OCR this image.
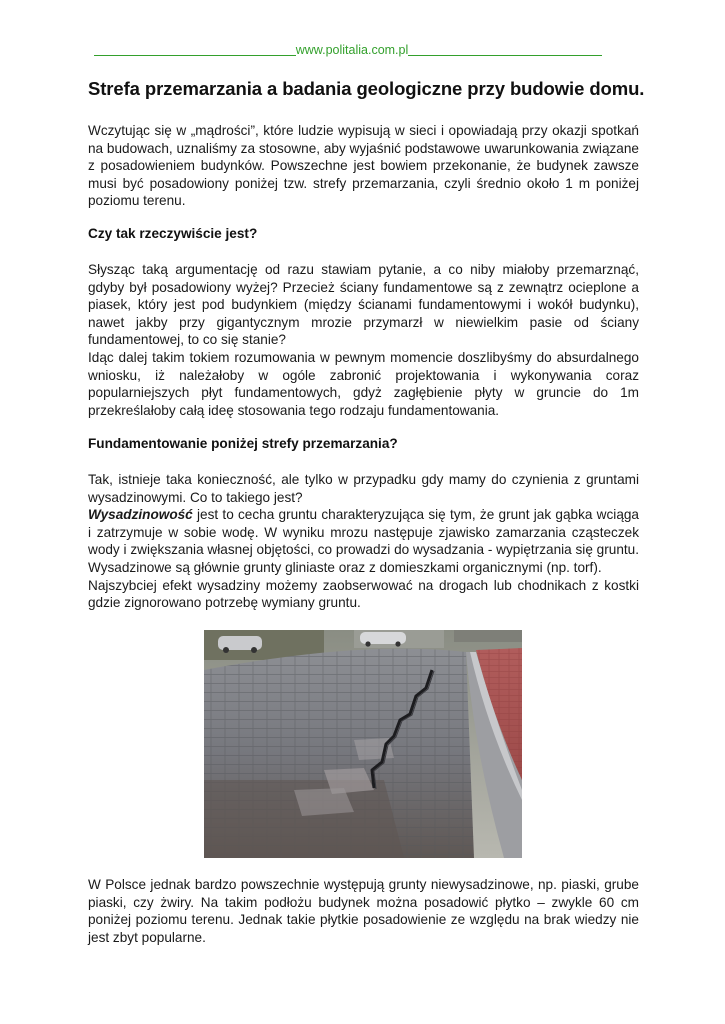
www.politalia.com.pl
Strefa przemarzania a badania geologiczne przy budowie domu.

Wczytując się w „mądrości”, które ludzie wypisują w sieci i opowiadają przy okazji spotkań na budowach, uznaliśmy za stosowne, aby wyjaśnić podstawowe uwarunkowania związane z posadowieniem budynków. Powszechne jest bowiem przekonanie, że budynek zawsze musi być posadowiony poniżej tzw. strefy przemarzania, czyli średnio około 1 m poniżej poziomu terenu.

Czy tak rzeczywiście jest?

Słysząc taką argumentację od razu stawiam pytanie, a co niby miałoby przemarznąć, gdyby był posadowiony wyżej? Przecież ściany fundamentowe są z zewnątrz ocieplone a piasek, który jest pod budynkiem (między ścianami fundamentowymi i wokół budynku), nawet jakby przy gigantycznym mrozie przymarzł w niewielkim pasie od ściany fundamentowej, to co się stanie?

Idąc dalej takim tokiem rozumowania w pewnym momencie doszlibyśmy do absurdalnego wniosku, iż należałoby w ogóle zabronić projektowania i wykonywania coraz popularniejszych płyt fundamentowych, gdyż zagłębienie płyty w gruncie do 1m przekreślałoby całą ideę stosowania tego rodzaju fundamentowania.

Fundamentowanie poniżej strefy przemarzania?

Tak, istnieje taka konieczność, ale tylko w przypadku gdy mamy do czynienia z gruntami wysadzinowymi. Co to takiego jest?

Wysadzinowość jest to cecha gruntu charakteryzująca się tym, że grunt jak gąbka wciąga i zatrzymuje w sobie wodę. W wyniku mrozu następuje zjawisko zamarzania cząsteczek wody i zwiększania własnej objętości, co prowadzi do wysadzania - wypiętrzania się gruntu. Wysadzinowe są głównie grunty gliniaste oraz z domieszkami organicznymi (np. torf).

Najszybciej efekt wysadziny możemy zaobserwować na drogach lub chodnikach z kostki gdzie zignorowano potrzebę wymiany gruntu.

W Polsce jednak bardzo powszechnie występują grunty niewysadzinowe, np. piaski, grube piaski, czy żwiry. Na takim podłożu budynek można posadowić płytko – zwykle 60 cm poniżej poziomu terenu. Jednak takie płytkie posadowienie ze względu na brak wiedzy nie jest zbyt popularne.
